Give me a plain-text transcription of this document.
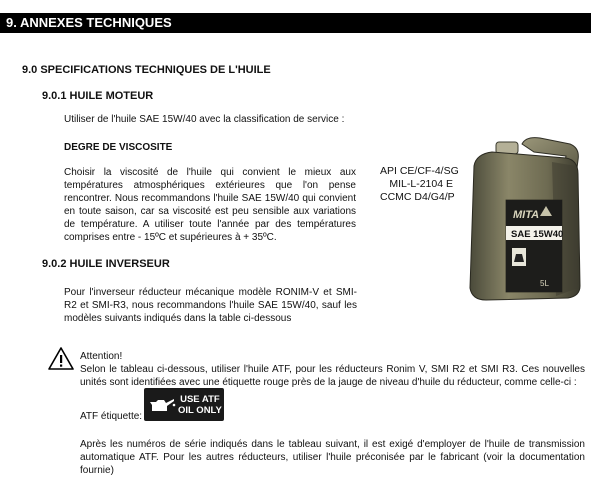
9. ANNEXES TECHNIQUES
9.0 SPECIFICATIONS TECHNIQUES DE L'HUILE
9.0.1 HUILE MOTEUR
Utiliser de l'huile SAE 15W/40 avec la classification de service :
DEGRE DE VISCOSITE
Choisir la viscosité de l'huile qui convient le mieux aux températures atmosphériques extérieures que l'on pense rencontrer. Nous recommandons l'huile SAE 15W/40 qui convient en toute saison, car sa viscosité est peu sensible aux variations de température. A utiliser toute l'année par des températures comprises entre - 15ºC et supérieures à + 35ºC.
API CE/CF-4/SG
MIL-L-2104 E
CCMC D4/G4/P
MITA
SAE 15W40
5L
9.0.2 HUILE INVERSEUR
Pour l'inverseur réducteur mécanique modèle RONIM-V et SMI-R2 et SMI-R3, nous recommandons l'huile SAE 15W/40, sauf les modèles suivants indiqués dans la table ci-dessous
Attention!
Selon le tableau ci-dessous, utiliser l'huile ATF, pour les réducteurs Ronim V, SMI R2 et SMI R3. Ces nouvelles unités sont identifiées avec une étiquette rouge près de la jauge de niveau d'huile du réducteur, comme celle-ci :
ATF étiquette:
USE ATF
OIL ONLY
Après les numéros de série indiqués dans le tableau suivant, il est exigé d'employer de l'huile de transmission automatique ATF. Pour les autres réducteurs, utiliser l'huile préconisée par le fabricant (voir la documentation fournie)
